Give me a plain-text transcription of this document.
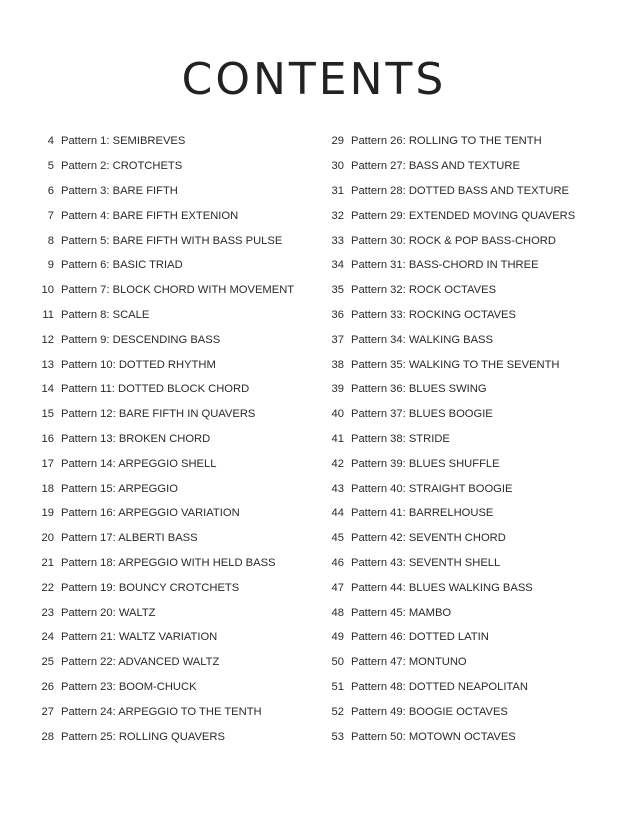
CONTENTS
4 Pattern 1: SEMIBREVES
5 Pattern 2: CROTCHETS
6 Pattern 3: BARE FIFTH
7 Pattern 4: BARE FIFTH EXTENION
8 Pattern 5: BARE FIFTH WITH BASS PULSE
9 Pattern 6: BASIC TRIAD
10 Pattern 7: BLOCK CHORD WITH MOVEMENT
11 Pattern 8: SCALE
12 Pattern 9: DESCENDING BASS
13 Pattern 10: DOTTED RHYTHM
14 Pattern 11: DOTTED BLOCK CHORD
15 Pattern 12: BARE FIFTH IN QUAVERS
16 Pattern 13: BROKEN CHORD
17 Pattern 14: ARPEGGIO SHELL
18 Pattern 15: ARPEGGIO
19 Pattern 16: ARPEGGIO VARIATION
20 Pattern 17: ALBERTI BASS
21 Pattern 18: ARPEGGIO WITH HELD BASS
22 Pattern 19: BOUNCY CROTCHETS
23 Pattern 20: WALTZ
24 Pattern 21: WALTZ VARIATION
25 Pattern 22: ADVANCED WALTZ
26 Pattern 23: BOOM-CHUCK
27 Pattern 24: ARPEGGIO TO THE TENTH
28 Pattern 25: ROLLING QUAVERS
29 Pattern 26: ROLLING TO THE TENTH
30 Pattern 27: BASS AND TEXTURE
31 Pattern 28: DOTTED BASS AND TEXTURE
32 Pattern 29: EXTENDED MOVING QUAVERS
33 Pattern 30: ROCK & POP BASS-CHORD
34 Pattern 31: BASS-CHORD IN THREE
35 Pattern 32: ROCK OCTAVES
36 Pattern 33: ROCKING OCTAVES
37 Pattern 34: WALKING BASS
38 Pattern 35: WALKING TO THE SEVENTH
39 Pattern 36: BLUES SWING
40 Pattern 37: BLUES BOOGIE
41 Pattern 38: STRIDE
42 Pattern 39: BLUES SHUFFLE
43 Pattern 40: STRAIGHT BOOGIE
44 Pattern 41: BARRELHOUSE
45 Pattern 42: SEVENTH CHORD
46 Pattern 43: SEVENTH SHELL
47 Pattern 44: BLUES WALKING BASS
48 Pattern 45: MAMBO
49 Pattern 46: DOTTED LATIN
50 Pattern 47: MONTUNO
51 Pattern 48: DOTTED NEAPOLITAN
52 Pattern 49: BOOGIE OCTAVES
53 Pattern 50: MOTOWN OCTAVES
